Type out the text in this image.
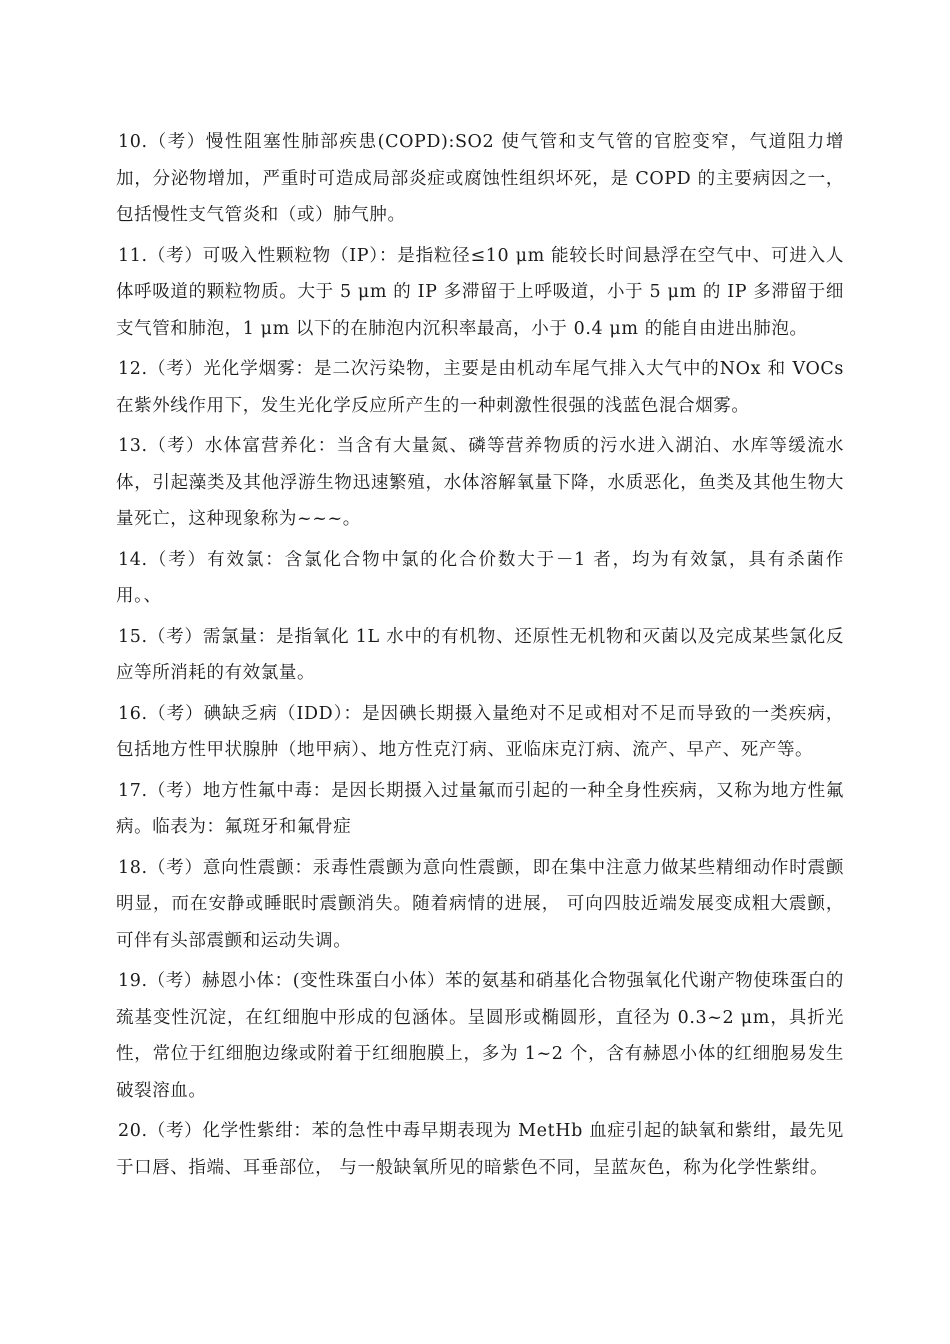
10.（考）慢性阻塞性肺部疾患(COPD):SO2 使气管和支气管的官腔变窄，气道阻力增加，分泌物增加，严重时可造成局部炎症或腐蚀性组织坏死，是 COPD 的主要病因之一，包括慢性支气管炎和（或）肺气肿。

11.（考）可吸入性颗粒物（IP）：是指粒径≤10 μm 能较长时间悬浮在空气中、可进入人体呼吸道的颗粒物质。大于 5 μm 的 IP 多滞留于上呼吸道，小于 5 μm 的 IP 多滞留于细支气管和肺泡，1 μm 以下的在肺泡内沉积率最高，小于 0.4 μm 的能自由进出肺泡。

12.（考）光化学烟雾：是二次污染物，主要是由机动车尾气排入大气中的NOx 和 VOCs 在紫外线作用下，发生光化学反应所产生的一种刺激性很强的浅蓝色混合烟雾。

13.（考）水体富营养化：当含有大量氮、磷等营养物质的污水进入湖泊、水库等缓流水体，引起藻类及其他浮游生物迅速繁殖，水体溶解氧量下降，水质恶化，鱼类及其他生物大量死亡，这种现象称为~~~。

14.（考）有效氯：含氯化合物中氯的化合价数大于－1 者，均为有效氯，具有杀菌作用。、

15.（考）需氯量：是指氧化 1L 水中的有机物、还原性无机物和灭菌以及完成某些氯化反应等所消耗的有效氯量。

16.（考）碘缺乏病（IDD）：是因碘长期摄入量绝对不足或相对不足而导致的一类疾病，包括地方性甲状腺肿（地甲病）、地方性克汀病、亚临床克汀病、流产、早产、死产等。

17.（考）地方性氟中毒：是因长期摄入过量氟而引起的一种全身性疾病，又称为地方性氟病。临表为：氟斑牙和氟骨症

18.（考）意向性震颤：汞毒性震颤为意向性震颤，即在集中注意力做某些精细动作时震颤明显，而在安静或睡眠时震颤消失。随着病情的进展， 可向四肢近端发展变成粗大震颤，可伴有头部震颤和运动失调。

19.（考）赫恩小体：(变性珠蛋白小体）苯的氨基和硝基化合物强氧化代谢产物使珠蛋白的巯基变性沉淀，在红细胞中形成的包涵体。呈圆形或椭圆形，直径为 0.3~2 μm，具折光性，常位于红细胞边缘或附着于红细胞膜上，多为 1~2 个，含有赫恩小体的红细胞易发生破裂溶血。

20.（考）化学性紫绀：苯的急性中毒早期表现为 MetHb 血症引起的缺氧和紫绀，最先见于口唇、指端、耳垂部位， 与一般缺氧所见的暗紫色不同，呈蓝灰色，称为化学性紫绀。
